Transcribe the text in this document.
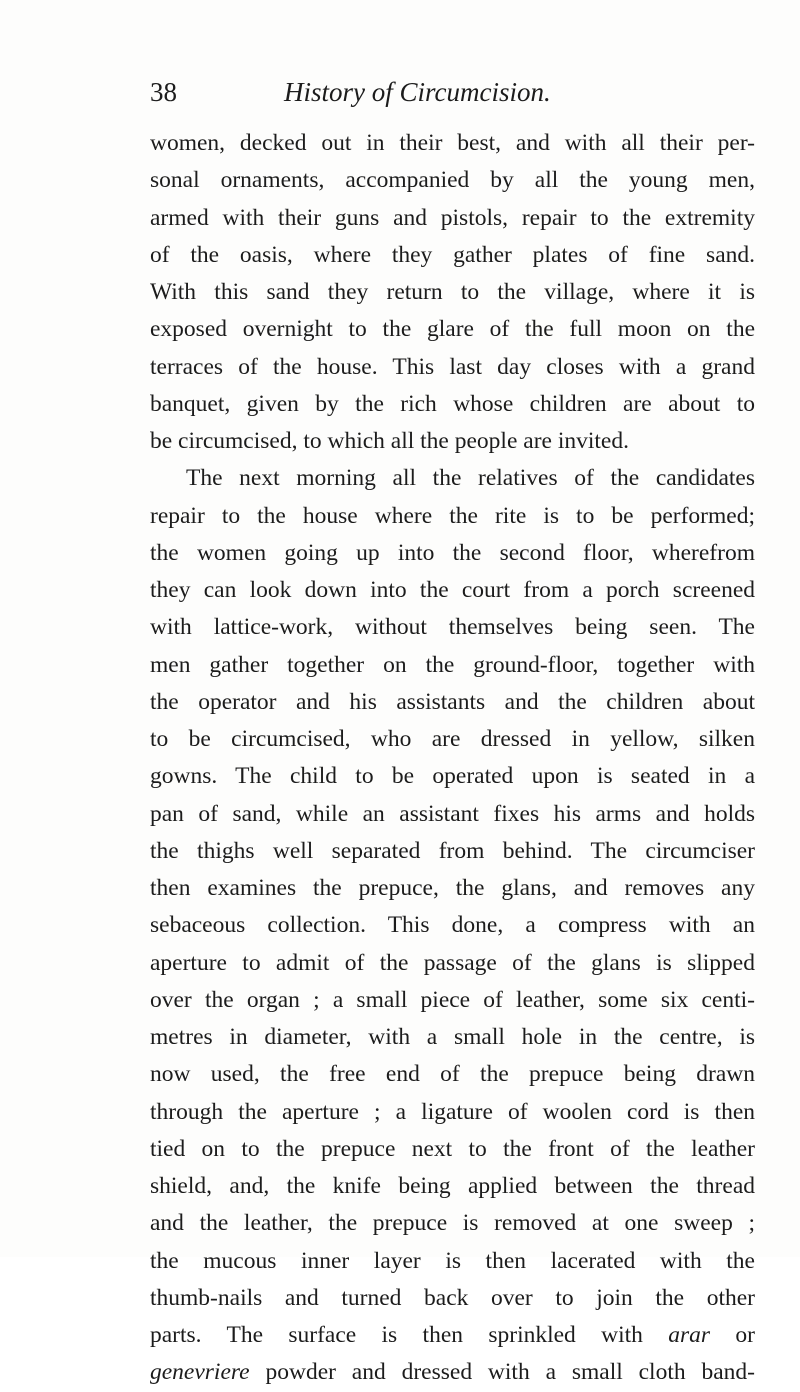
38	History of Circumcision.
women, decked out in their best, and with all their per-
sonal ornaments, accompanied by all the young men,
armed with their guns and pistols, repair to the extremity
of the oasis, where they gather plates of fine sand.
With this sand they return to the village, where it is
exposed overnight to the glare of the full moon on the
terraces of the house. This last day closes with a grand
banquet, given by the rich whose children are about to
be circumcised, to which all the people are invited.
The next morning all the relatives of the candidates
repair to the house where the rite is to be performed;
the women going up into the second floor, wherefrom
they can look down into the court from a porch screened
with lattice-work, without themselves being seen. The
men gather together on the ground-floor, together with
the operator and his assistants and the children about
to be circumcised, who are dressed in yellow, silken
gowns. The child to be operated upon is seated in a
pan of sand, while an assistant fixes his arms and holds
the thighs well separated from behind. The circumciser
then examines the prepuce, the glans, and removes any
sebaceous collection. This done, a compress with an
aperture to admit of the passage of the glans is slipped
over the organ ; a small piece of leather, some six centi-
metres in diameter, with a small hole in the centre, is
now used, the free end of the prepuce being drawn
through the aperture ; a ligature of woolen cord is then
tied on to the prepuce next to the front of the leather
shield, and, the knife being applied between the thread
and the leather, the prepuce is removed at one sweep ;
the mucous inner layer is then lacerated with the
thumb-nails and turned back over to join the other
parts. The surface is then sprinkled with arar or
genevriere powder and dressed with a small cloth band-
